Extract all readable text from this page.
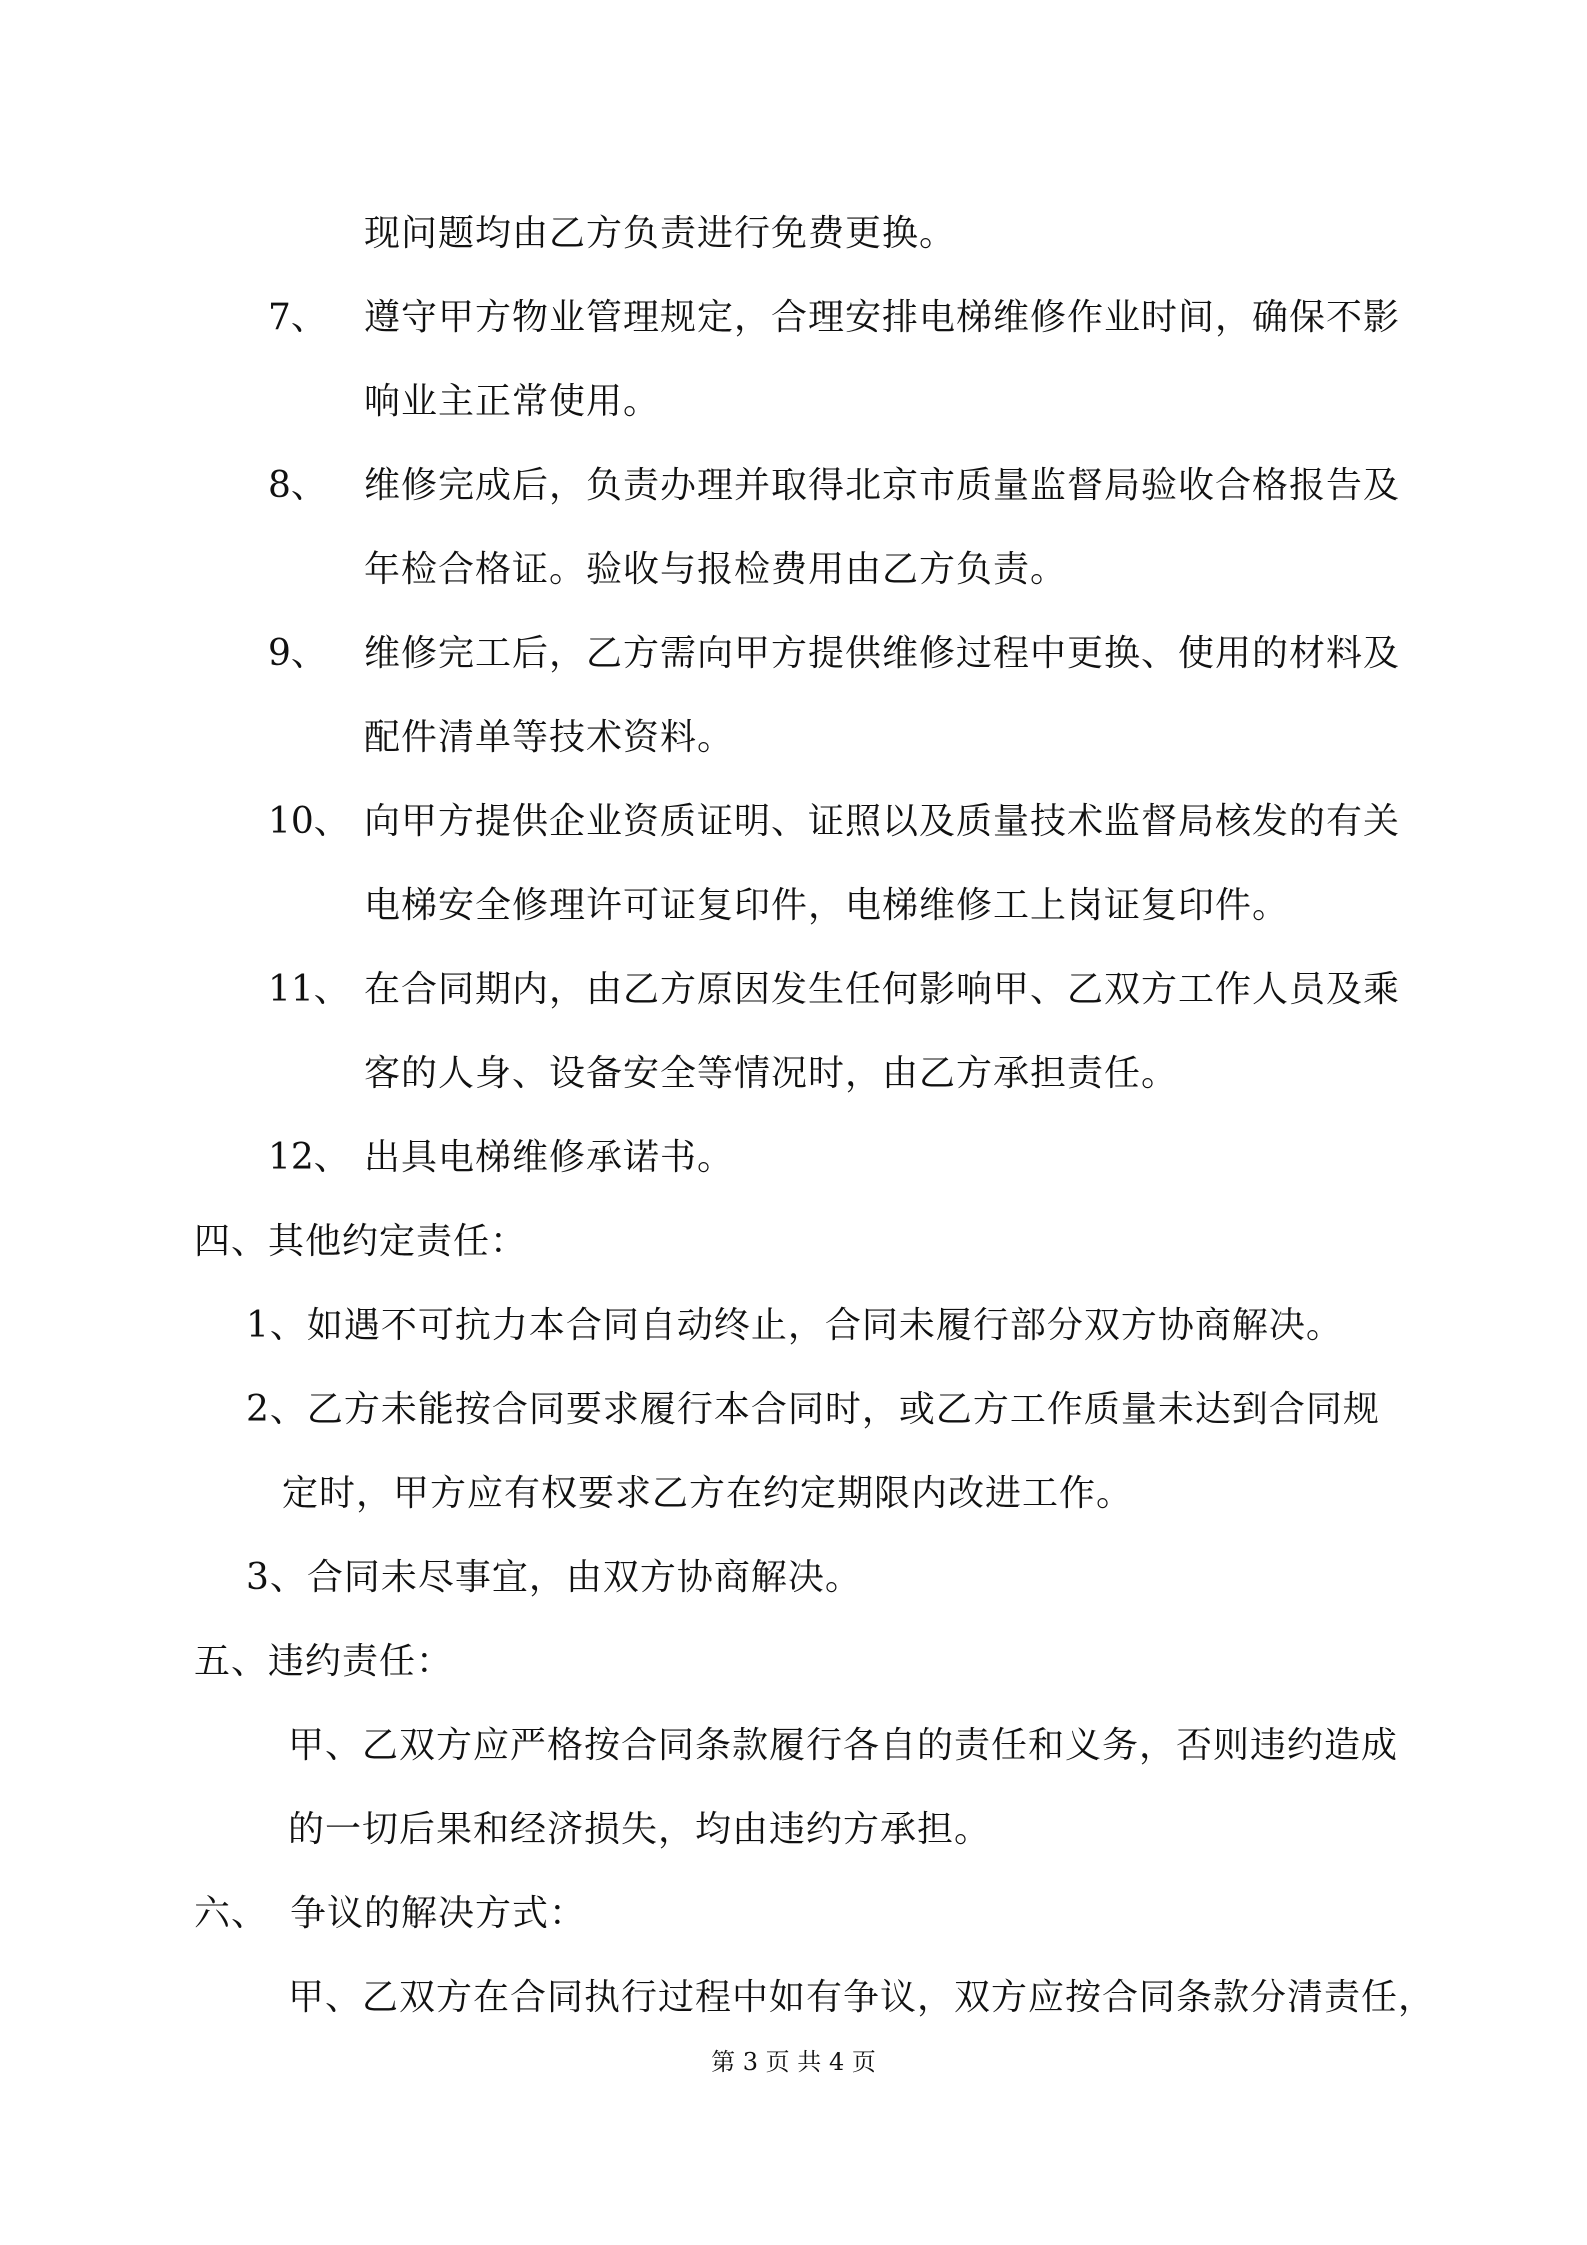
现问题均由乙方负责进行免费更换。
7、 遵守甲方物业管理规定，合理安排电梯维修作业时间，确保不影
响业主正常使用。
8、 维修完成后，负责办理并取得北京市质量监督局验收合格报告及
年检合格证。验收与报检费用由乙方负责。
9、 维修完工后，乙方需向甲方提供维修过程中更换、使用的材料及
配件清单等技术资料。
10、 向甲方提供企业资质证明、证照以及质量技术监督局核发的有关
电梯安全修理许可证复印件，电梯维修工上岗证复印件。
11、 在合同期内，由乙方原因发生任何影响甲、乙双方工作人员及乘
客的人身、设备安全等情况时，由乙方承担责任。
12、 出具电梯维修承诺书。
四、其他约定责任：
1、如遇不可抗力本合同自动终止，合同未履行部分双方协商解决。
2、乙方未能按合同要求履行本合同时，或乙方工作质量未达到合同规
定时，甲方应有权要求乙方在约定期限内改进工作。
3、合同未尽事宜，由双方协商解决。
五、违约责任：
甲、乙双方应严格按合同条款履行各自的责任和义务，否则违约造成
的一切后果和经济损失，均由违约方承担。
六、 争议的解决方式：
甲、乙双方在合同执行过程中如有争议，双方应按合同条款分清责任，
第 3 页 共 4 页
